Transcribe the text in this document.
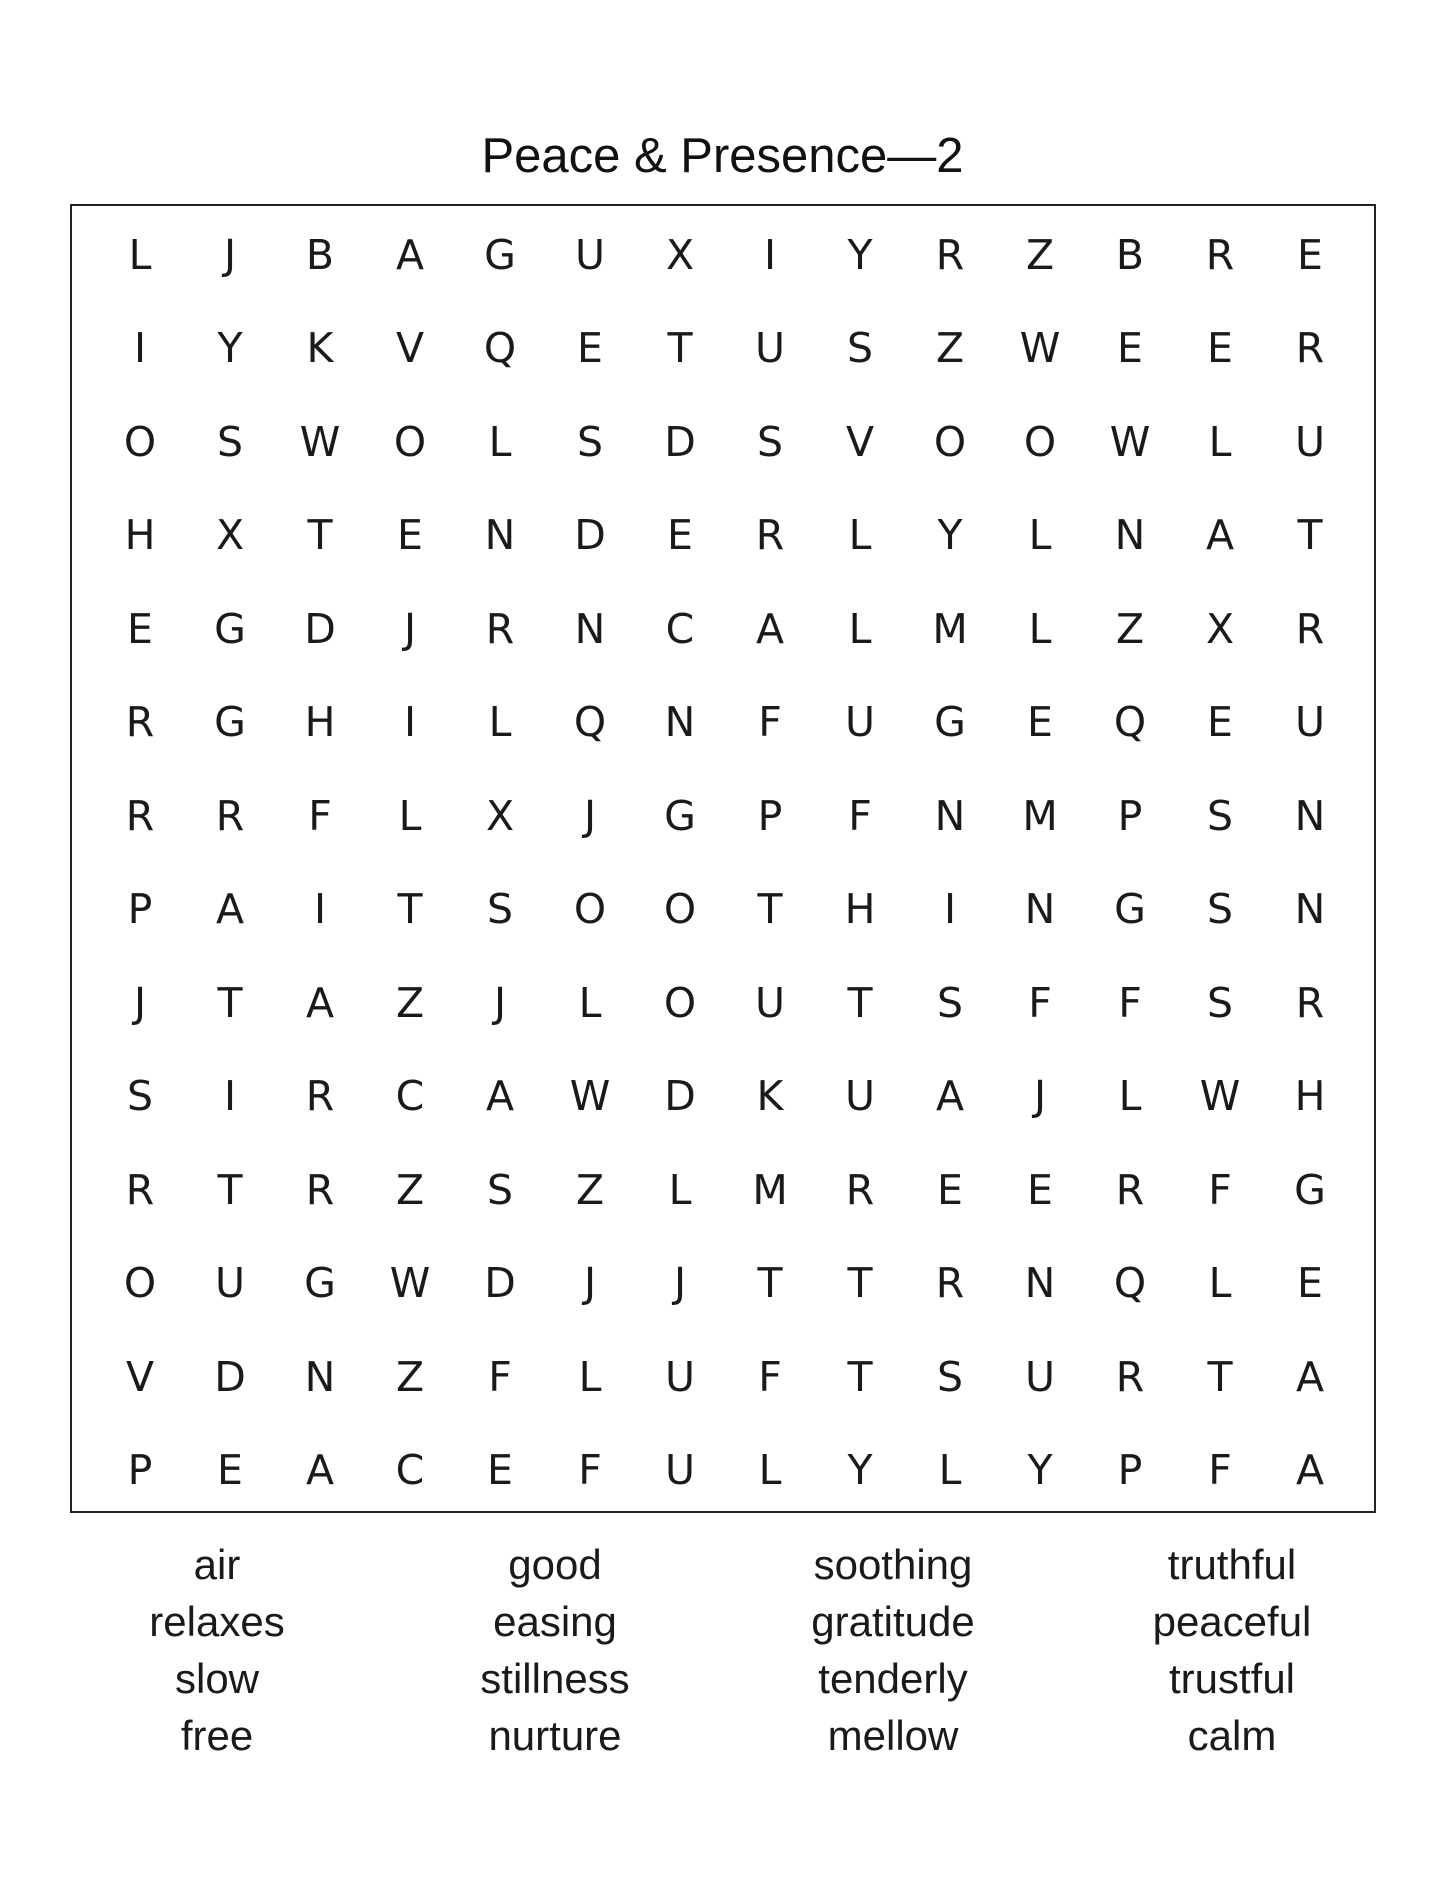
Peace & Presence—2
L	J	B	A	G	U	X	I	Y	R	Z	B	R	E
I	Y	K	V	Q	E	T	U	S	Z	W	E	E	R
O	S	W	O	L	S	D	S	V	O	O	W	L	U
H	X	T	E	N	D	E	R	L	Y	L	N	A	T
E	G	D	J	R	N	C	A	L	M	L	Z	X	R
R	G	H	I	L	Q	N	F	U	G	E	Q	E	U
R	R	F	L	X	J	G	P	F	N	M	P	S	N
P	A	I	T	S	O	O	T	H	I	N	G	S	N
J	T	A	Z	J	L	O	U	T	S	F	F	S	R
S	I	R	C	A	W	D	K	U	A	J	L	W	H
R	T	R	Z	S	Z	L	M	R	E	E	R	F	G
O	U	G	W	D	J	J	T	T	R	N	Q	L	E
V	D	N	Z	F	L	U	F	T	S	U	R	T	A
P	E	A	C	E	F	U	L	Y	L	Y	P	F	A
air
relaxes
slow
free
good
easing
stillness
nurture
soothing
gratitude
tenderly
mellow
truthful
peaceful
trustful
calm
